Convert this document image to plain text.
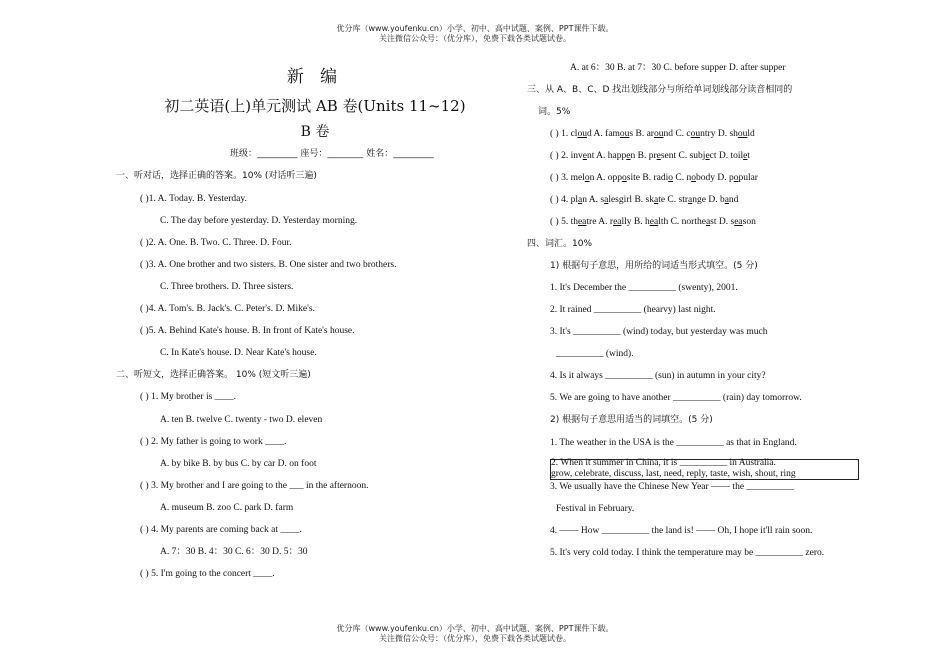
优分库（www.youfenku.cn）小学、初中、高中试题、案例、PPT课件下载。
关注微信公众号：（优分库），免费下载各类试题试卷。
新 编
初二英语(上)单元测试 AB 卷(Units 11~12)
B 卷
班级：_________ 座号：________ 姓名：_________
一、听对话，选择正确的答案。10% (对话听三遍)
( )1. A. Today. B. Yesterday.
C. The day before yesterday. D. Yesterday morning.
( )2. A. One. B. Two. C. Three. D. Four.
( )3. A. One brother and two sisters. B. One sister and two brothers.
C. Three brothers. D. Three sisters.
( )4. A. Tom's. B. Jack's. C. Peter's. D. Mike's.
( )5. A. Behind Kate's house. B. In front of Kate's house.
C. In Kate's house. D. Near Kate's house.
二、听短文，选择正确答案。 10% (短文听三遍)
( ) 1. My brother is ____.
A. ten B. twelve C. twenty - two D. eleven
( ) 2. My father is going to work ____.
A. by bike B. by bus C. by car D. on foot
( ) 3. My brother and I are going to the ___ in the afternoon.
A. museum B. zoo C. park D. farm
( ) 4. My parents are coming back at ____.
A. 7：30 B. 4：30 C. 6：30 D. 5：30
( ) 5. I'm going to the concert ____.
A. at 6：30 B. at 7：30 C. before supper D. after supper
三、从 A、B、C、D 找出划线部分与所给单词划线部分读音相同的
词。5%
( ) 1. cloud A. famous B. around C. country D. should
( ) 2. invent A. happen B. present C. subject D. toilet
( ) 3. melon A. opposite B. radio C. nobody D. popular
( ) 4. plan A. salesgirl B. skate C. strange D. band
( ) 5. theatre A. really B. health C. northeast D. season
四、词汇。10%
1) 根据句子意思，用所给的词适当形式填空。(5 分)
1. It's December the __________ (swenty), 2001.
2. It rained __________ (hearvy) last night.
3. It's __________ (wind) today, but yesterday was much
__________ (wind).
4. Is it always __________ (sun) in autumn in your city?
5. We are going to have another __________ (rain) day tomorrow.
2) 根据句子意思用适当的词填空。(5 分)
1. The weather in the USA is the __________ as that in England.
2. When it summer in China, it is __________ in Australia.
grow, celebrate, discuss, last, need, reply, taste, wish, shout, ring
3. We usually have the Chinese New Year —— the __________
Festival in February.
4. —— How __________ the land is! —— Oh, I hope it'll rain soon.
5. It's very cold today. I think the temperature may be __________ zero.
优分库（www.youfenku.cn）小学、初中、高中试题、案例、PPT课件下载。
关注微信公众号：（优分库），免费下载各类试题试卷。
